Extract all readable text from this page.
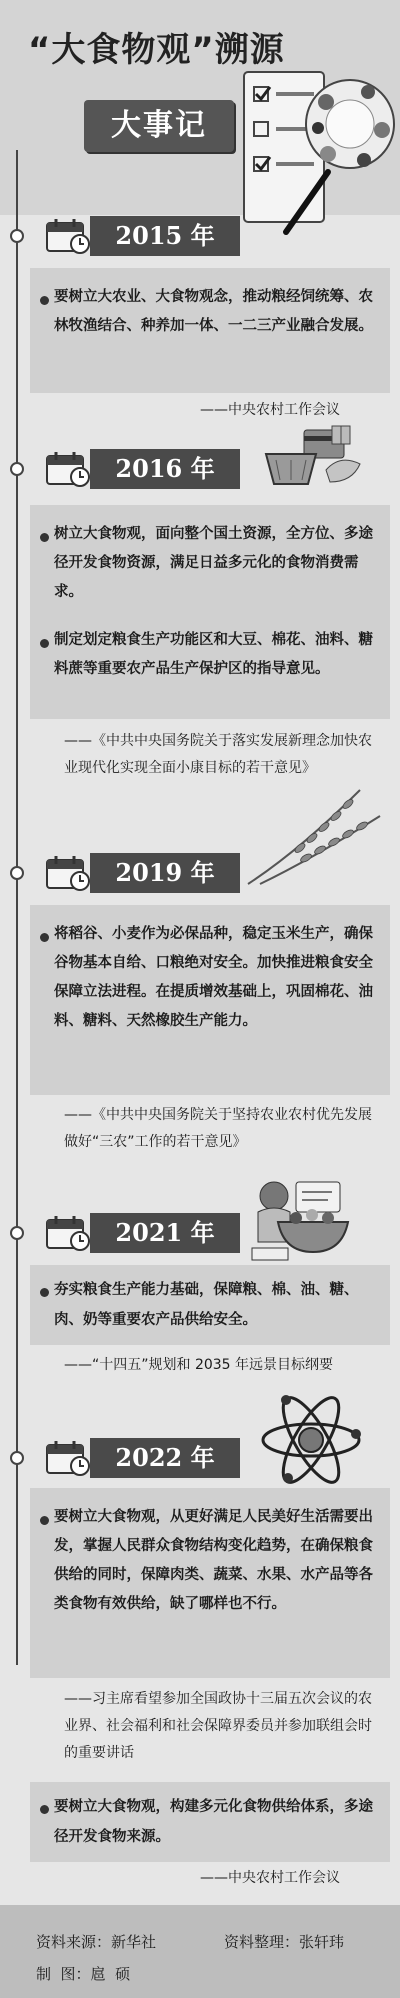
“大食物观”溯源
大事记
2015 年
要树立大农业、大食物观念，推动粮经饲统筹、农林牧渔结合、种养加一体、一二三产业融合发展。
——中央农村工作会议
2016 年
树立大食物观，面向整个国土资源，全方位、多途径开发食物资源，满足日益多元化的食物消费需求。
制定划定粮食生产功能区和大豆、棉花、油料、糖料蔗等重要农产品生产保护区的指导意见。
——《中共中央国务院关于落实发展新理念加快农业现代化实现全面小康目标的若干意见》
2019 年
将稻谷、小麦作为必保品种，稳定玉米生产，确保谷物基本自给、口粮绝对安全。加快推进粮食安全保障立法进程。在提质增效基础上，巩固棉花、油料、糖料、天然橡胶生产能力。
——《中共中央国务院关于坚持农业农村优先发展做好“三农”工作的若干意见》
2021 年
夯实粮食生产能力基础，保障粮、棉、油、糖、肉、奶等重要农产品供给安全。
——“十四五”规划和 2035 年远景目标纲要
2022 年
要树立大食物观，从更好满足人民美好生活需要出发，掌握人民群众食物结构变化趋势，在确保粮食供给的同时，保障肉类、蔬菜、水果、水产品等各类食物有效供给，缺了哪样也不行。
——习主席看望参加全国政协十三届五次会议的农业界、社会福利和社会保障界委员并参加联组会时的重要讲话
要树立大食物观，构建多元化食物供给体系，多途径开发食物来源。
——中央农村工作会议
资料来源：新华社	资料整理：张轩玮
制  图：扈  硕
